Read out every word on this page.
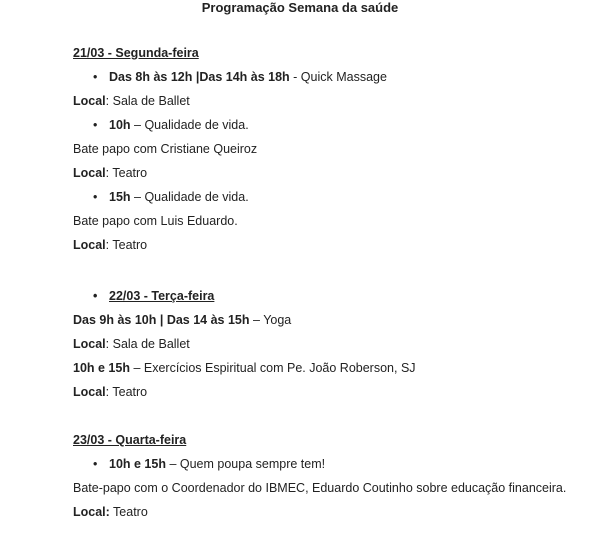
Programação Semana da saúde
21/03 - Segunda-feira
• Das 8h às 12h |Das 14h às 18h - Quick Massage
Local: Sala de Ballet
• 10h – Qualidade de vida.
Bate papo com Cristiane Queiroz
Local: Teatro
• 15h – Qualidade de vida.
Bate papo com Luis Eduardo.
Local: Teatro
• 22/03 - Terça-feira
Das 9h às 10h | Das 14 às 15h – Yoga
Local: Sala de Ballet
10h e 15h – Exercícios Espiritual com Pe. João Roberson, SJ
Local: Teatro
23/03 - Quarta-feira
• 10h e 15h – Quem poupa sempre tem!
Bate-papo com o Coordenador do IBMEC, Eduardo Coutinho sobre educação financeira.
Local: Teatro
